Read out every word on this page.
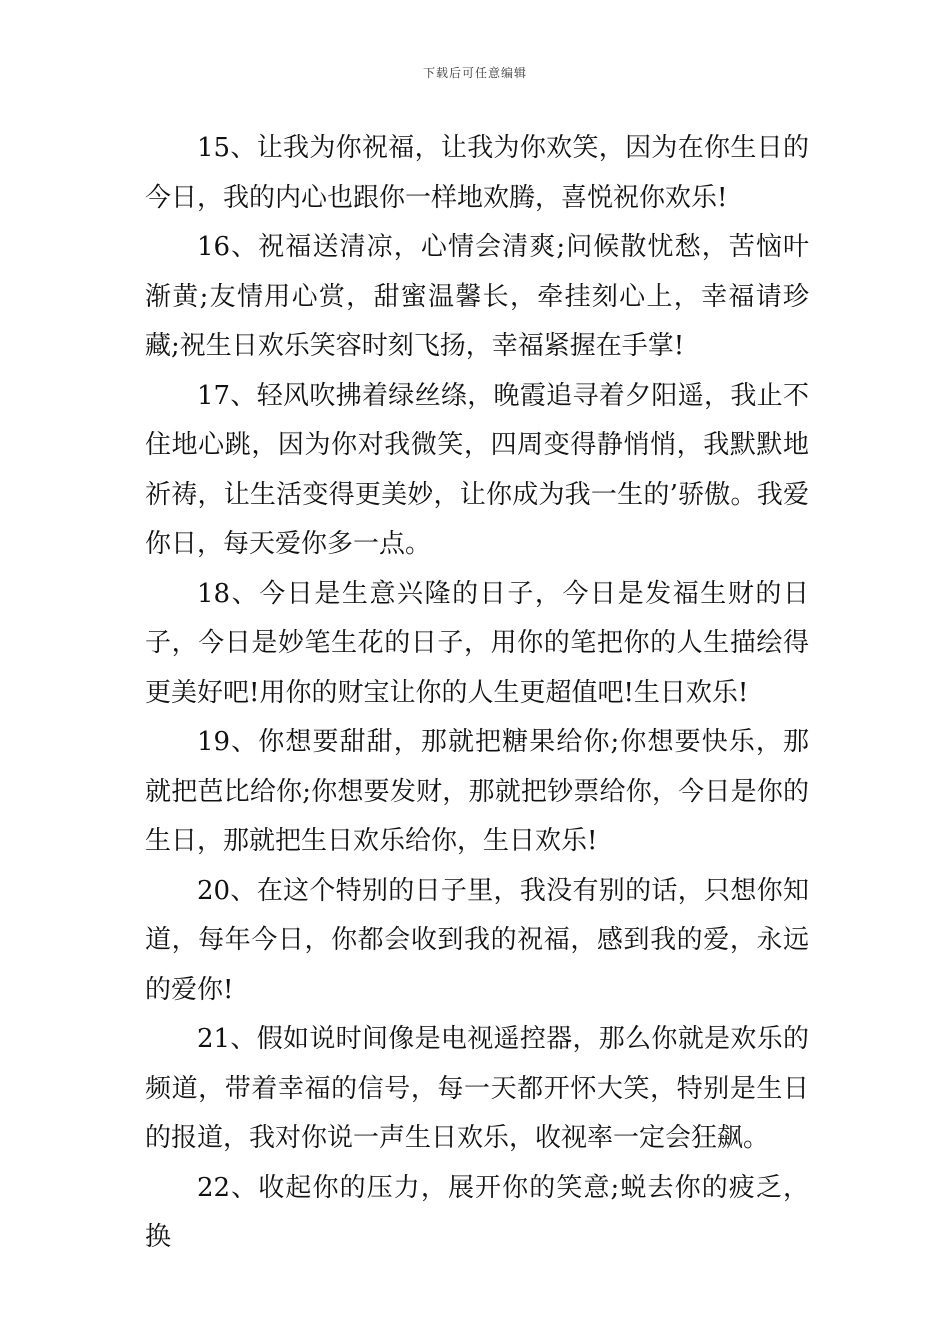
下载后可任意编辑

15、让我为你祝福，让我为你欢笑，因为在你生日的今日，我的内心也跟你一样地欢腾，喜悦祝你欢乐!

16、祝福送清凉，心情会清爽;问候散忧愁，苦恼叶渐黄;友情用心赏，甜蜜温馨长，牵挂刻心上，幸福请珍藏;祝生日欢乐笑容时刻飞扬，幸福紧握在手掌!

17、轻风吹拂着绿丝绦，晚霞追寻着夕阳遥，我止不住地心跳，因为你对我微笑，四周变得静悄悄，我默默地祈祷，让生活变得更美妙，让你成为我一生的’骄傲。我爱你日，每天爱你多一点。

18、今日是生意兴隆的日子，今日是发福生财的日子，今日是妙笔生花的日子，用你的笔把你的人生描绘得更美好吧!用你的财宝让你的人生更超值吧!生日欢乐!

19、你想要甜甜，那就把糖果给你;你想要快乐，那就把芭比给你;你想要发财，那就把钞票给你，今日是你的生日，那就把生日欢乐给你，生日欢乐!

20、在这个特别的日子里，我没有别的话，只想你知道，每年今日，你都会收到我的祝福，感到我的爱，永远的爱你!

21、假如说时间像是电视遥控器，那么你就是欢乐的频道，带着幸福的信号，每一天都开怀大笑，特别是生日的报道，我对你说一声生日欢乐，收视率一定会狂飙。

22、收起你的压力，展开你的笑意;蜕去你的疲乏，换
